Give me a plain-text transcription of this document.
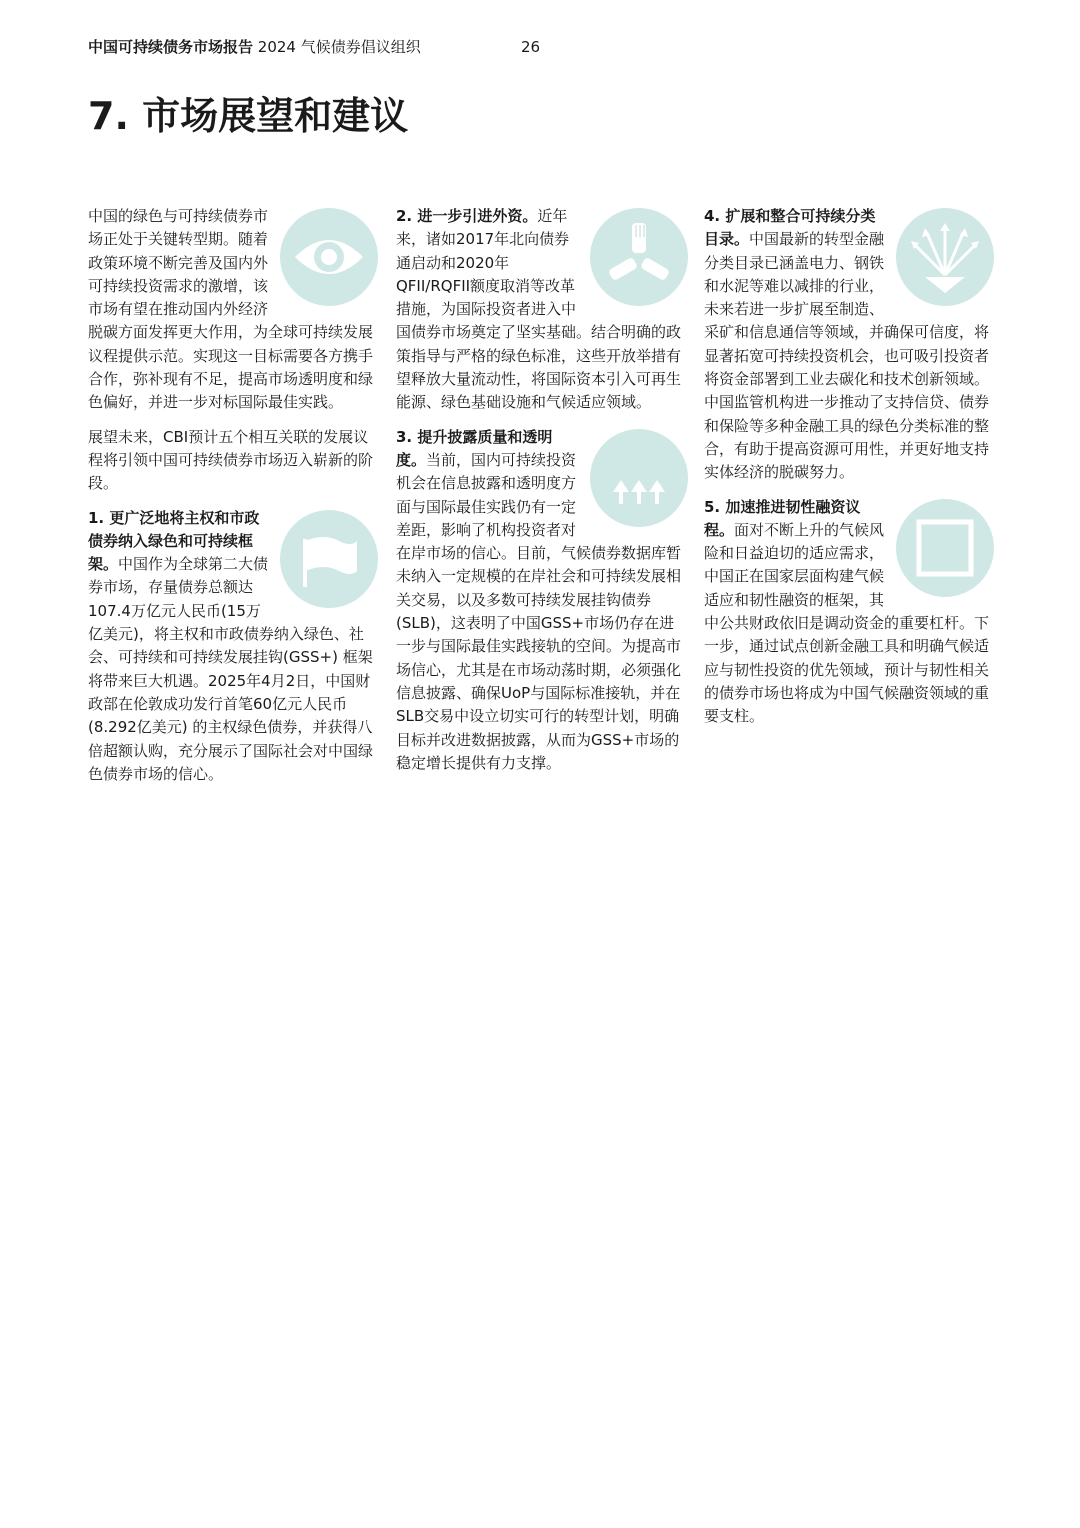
中国可持续债务市场报告 2024 气候债券倡议组织	26
7. 市场展望和建议

中国的绿色与可持续债券市场正处于关键转型期。随着政策环境不断完善及国内外可持续投资需求的激增，该市场有望在推动国内外经济脱碳方面发挥更大作用，为全球可持续发展议程提供示范。实现这一目标需要各方携手合作，弥补现有不足，提高市场透明度和绿色偏好，并进一步对标国际最佳实践。

展望未来，CBI预计五个相互关联的发展议程将引领中国可持续债券市场迈入崭新的阶段。

1. 更广泛地将主权和市政债券纳入绿色和可持续框架。中国作为全球第二大债券市场，存量债券总额达107.4万亿元人民币(15万亿美元)，将主权和市政债券纳入绿色、社会、可持续和可持续发展挂钩(GSS+) 框架将带来巨大机遇。2025年4月2日，中国财政部在伦敦成功发行首笔60亿元人民币 (8.292亿美元) 的主权绿色债券，并获得八倍超额认购，充分展示了国际社会对中国绿色债券市场的信心。

2. 进一步引进外资。近年来，诸如2017年北向债券通启动和2020年QFII/RQFII额度取消等改革措施，为国际投资者进入中国债券市场奠定了坚实基础。结合明确的政策指导与严格的绿色标准，这些开放举措有望释放大量流动性，将国际资本引入可再生能源、绿色基础设施和气候适应领域。

3. 提升披露质量和透明度。当前，国内可持续投资机会在信息披露和透明度方面与国际最佳实践仍有一定差距，影响了机构投资者对在岸市场的信心。目前，气候债券数据库暂未纳入一定规模的在岸社会和可持续发展相关交易，以及多数可持续发展挂钩债券(SLB)，这表明了中国GSS+市场仍存在进一步与国际最佳实践接轨的空间。为提高市场信心，尤其是在市场动荡时期，必须强化信息披露、确保UoP与国际标准接轨，并在SLB交易中设立切实可行的转型计划，明确目标并改进数据披露，从而为GSS+市场的稳定增长提供有力支撑。

4. 扩展和整合可持续分类目录。中国最新的转型金融分类目录已涵盖电力、钢铁和水泥等难以减排的行业，未来若进一步扩展至制造、采矿和信息通信等领域，并确保可信度，将显著拓宽可持续投资机会，也可吸引投资者将资金部署到工业去碳化和技术创新领域。中国监管机构进一步推动了支持信贷、债券和保险等多种金融工具的绿色分类标准的整合，有助于提高资源可用性，并更好地支持实体经济的脱碳努力。

5. 加速推进韧性融资议程。面对不断上升的气候风险和日益迫切的适应需求，中国正在国家层面构建气候适应和韧性融资的框架，其中公共财政依旧是调动资金的重要杠杆。下一步，通过试点创新金融工具和明确气候适应与韧性投资的优先领域，预计与韧性相关的债券市场也将成为中国气候融资领域的重要支柱。
